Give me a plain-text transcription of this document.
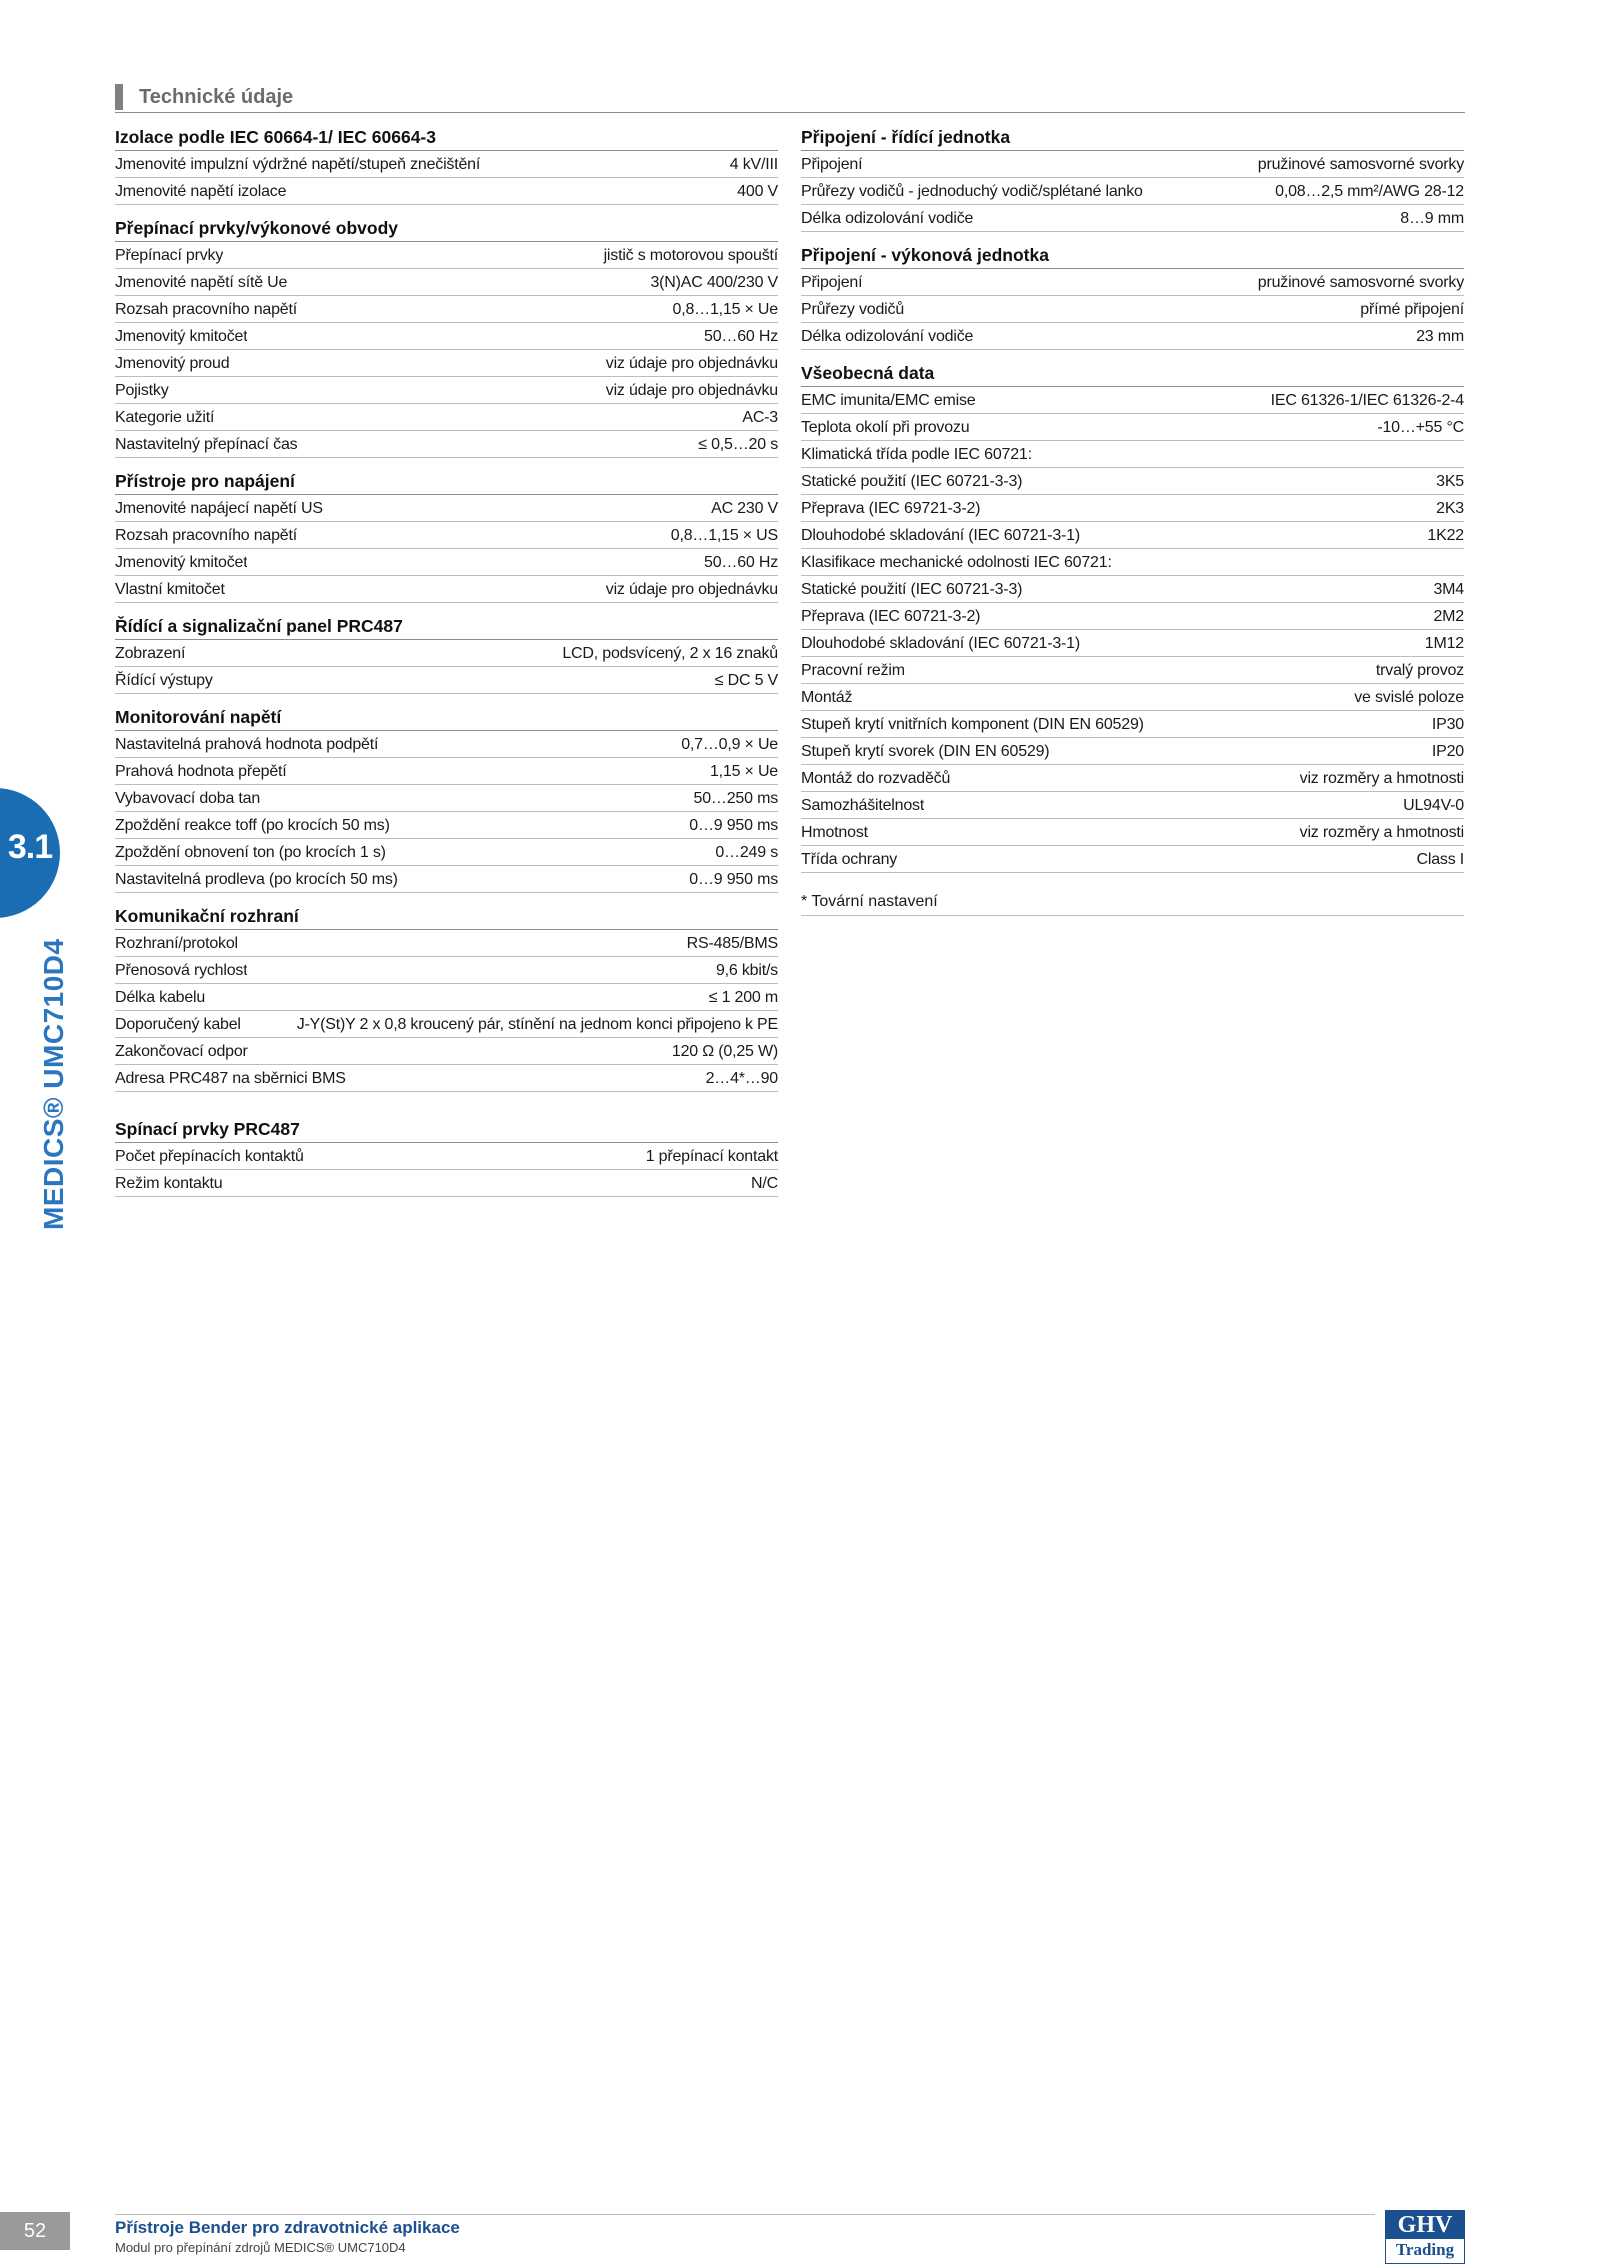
Technické údaje
Izolace podle IEC 60664-1/ IEC 60664-3
Jmenovité impulzní výdržné napětí/stupeň znečištění	4 kV/III
Jmenovité napětí izolace	400 V
Přepínací prvky/výkonové obvody
Přepínací prvky	jistič s motorovou spouští
Jmenovité napětí sítě Ue	3(N)AC 400/230 V
Rozsah pracovního napětí	0,8…1,15 × Ue
Jmenovitý kmitočet	50…60 Hz
Jmenovitý proud	viz údaje pro objednávku
Pojistky	viz údaje pro objednávku
Kategorie užití	AC-3
Nastavitelný přepínací čas	≤ 0,5…20 s
Přístroje pro napájení
Jmenovité napájecí napětí US	AC 230 V
Rozsah pracovního napětí	0,8…1,15 × US
Jmenovitý kmitočet	50…60 Hz
Vlastní kmitočet	viz údaje pro objednávku
Řídící a signalizační panel PRC487
Zobrazení	LCD, podsvícený, 2 x 16 znaků
Řídící výstupy	≤ DC 5 V
Monitorování napětí
Nastavitelná prahová hodnota podpětí	0,7…0,9 × Ue
Prahová hodnota přepětí	1,15 × Ue
Vybavovací doba tan	50…250 ms
Zpoždění reakce toff (po krocích 50 ms)	0…9 950 ms
Zpoždění obnovení ton (po krocích 1 s)	0…249 s
Nastavitelná prodleva (po krocích 50 ms)	0…9 950 ms
Komunikační rozhraní
Rozhraní/protokol	RS-485/BMS
Přenosová rychlost	9,6 kbit/s
Délka kabelu	≤ 1 200 m
Doporučený kabel	J-Y(St)Y 2 x 0,8 kroucený pár, stínění na jednom konci připojeno k PE
Zakončovací odpor	120 Ω (0,25 W)
Adresa PRC487 na sběrnici BMS	2…4*…90
Spínací prvky PRC487
Počet přepínacích kontaktů	1 přepínací kontakt
Režim kontaktu	N/C
Připojení - řídící jednotka
Připojení	pružinové samosvorné svorky
Průřezy vodičů - jednoduchý vodič/splétané lanko	0,08…2,5 mm²/AWG 28-12
Délka odizolování vodiče	8…9 mm
Připojení - výkonová jednotka
Připojení	pružinové samosvorné svorky
Průřezy vodičů	přímé připojení
Délka odizolování vodiče	23 mm
Všeobecná data
EMC imunita/EMC emise	IEC 61326-1/IEC 61326-2-4
Teplota okolí při provozu	-10…+55 °C
Klimatická třída podle IEC 60721:
Statické použití (IEC 60721-3-3)	3K5
Přeprava (IEC 69721-3-2)	2K3
Dlouhodobé skladování (IEC 60721-3-1)	1K22
Klasifikace mechanické odolnosti IEC 60721:
Statické použití (IEC 60721-3-3)	3M4
Přeprava (IEC 60721-3-2)	2M2
Dlouhodobé skladování (IEC 60721-3-1)	1M12
Pracovní režim	trvalý provoz
Montáž	ve svislé poloze
Stupeň krytí vnitřních komponent (DIN EN 60529)	IP30
Stupeň krytí svorek (DIN EN 60529)	IP20
Montáž do rozvaděčů	viz rozměry a hmotnosti
Samozhášitelnost	UL94V-0
Hmotnost	viz rozměry a hmotnosti
Třída ochrany	Class I
* Tovární nastavení
3.1
MEDICS® UMC710D4
52	Přístroje Bender pro zdravotnické aplikace
Modul pro přepínání zdrojů MEDICS® UMC710D4
GHV
Trading
